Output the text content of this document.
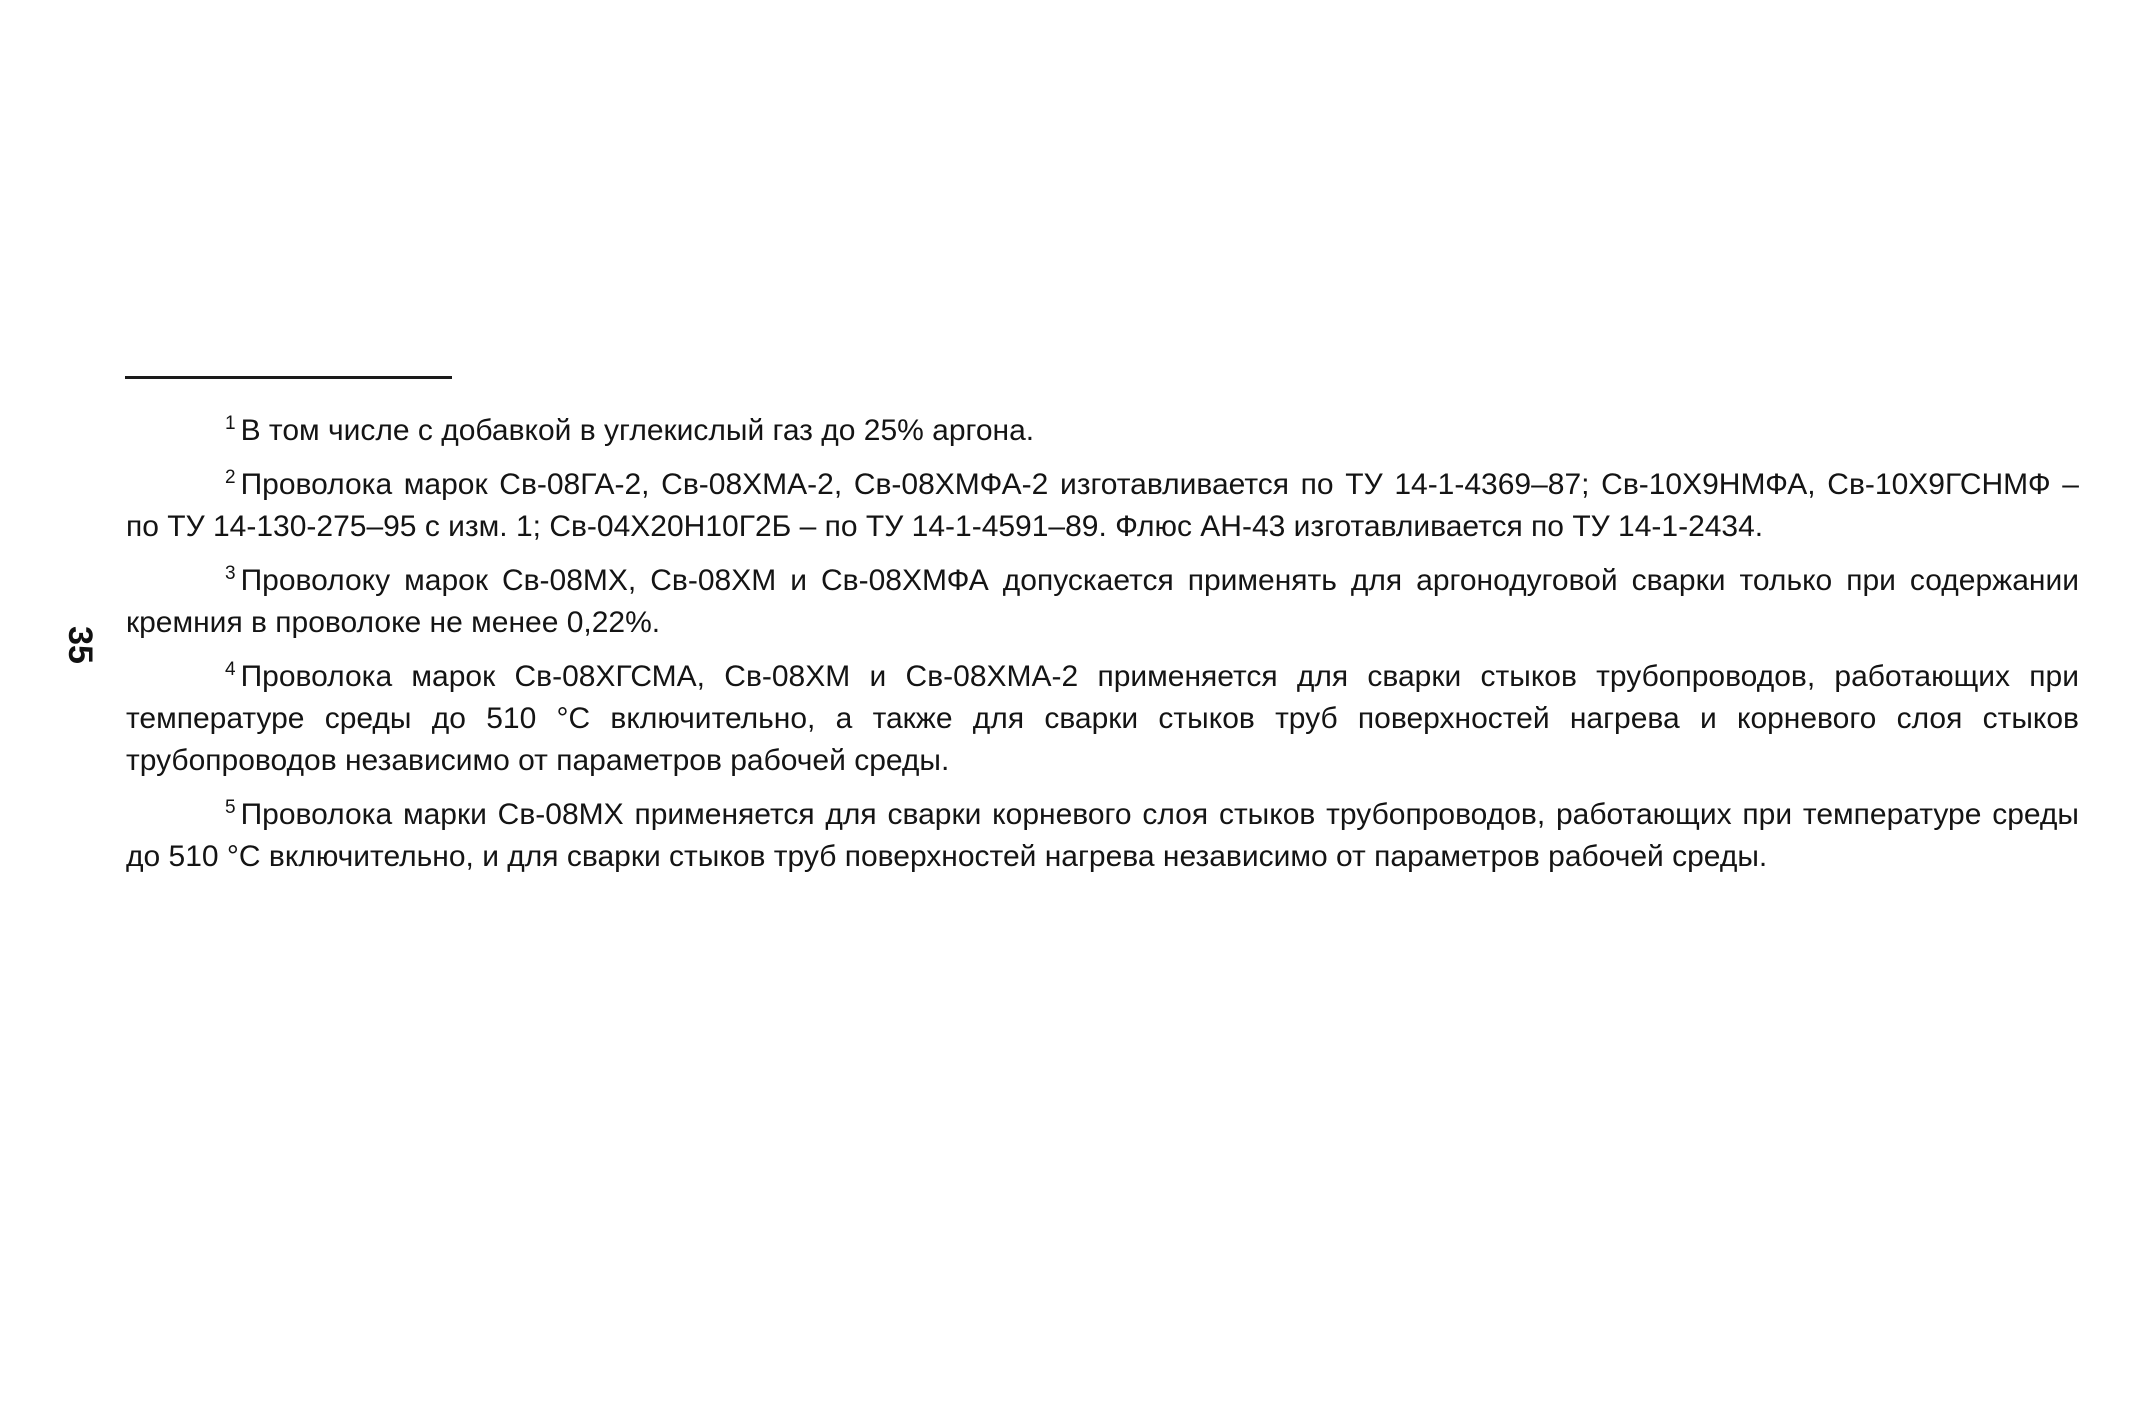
35

$^1$ В том числе с добавкой в углекислый газ до 25% аргона.

$^2$ Проволока марок Св-08ГА-2, Св-08ХМА-2, Св-08ХМФА-2 изготавливается по ТУ 14-1-4369–87; Св-10Х9НМФА, Св-10Х9ГСНМФ – по ТУ 14-130-275–95 с изм. 1; Св-04Х20Н10Г2Б – по ТУ 14-1-4591–89. Флюс АН-43 изготавливается по ТУ 14-1-2434.

$^3$ Проволоку марок Св-08МХ, Св-08ХМ и Св-08ХМФА допускается применять для аргонодуговой сварки только при содержании кремния в проволоке не менее 0,22%.

$^4$ Проволока марок Св-08ХГСМА, Св-08ХМ и Св-08ХМА-2 применяется для сварки стыков трубопроводов, работающих при температуре среды до 510 °С включительно, а также для сварки стыков труб поверхностей нагрева и корневого слоя стыков трубопроводов независимо от параметров рабочей среды.

$^5$ Проволока марки Св-08МХ применяется для сварки корневого слоя стыков трубопроводов, работающих при температуре среды до 510 °С включительно, и для сварки стыков труб поверхностей нагрева независимо от параметров рабочей среды.
